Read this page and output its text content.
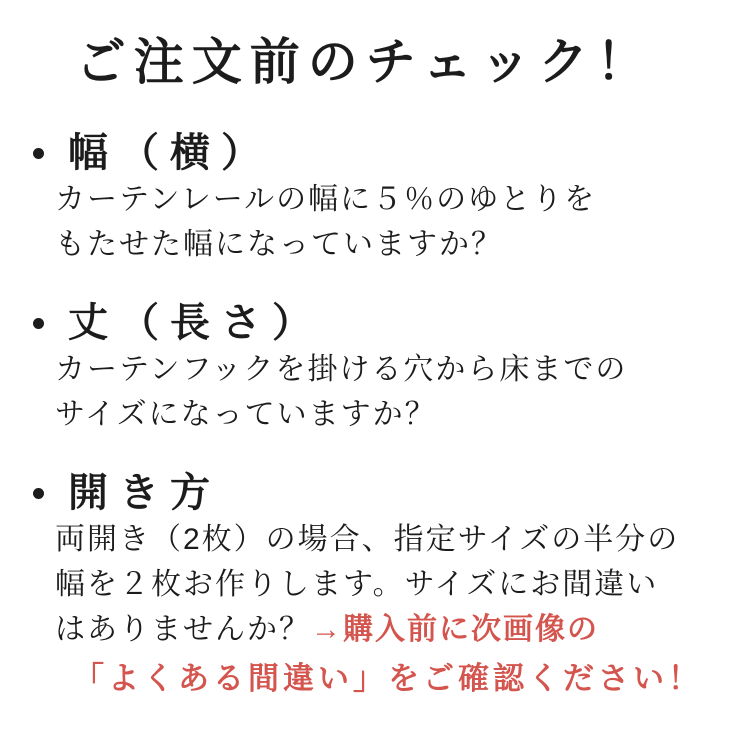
ご注文前のチェック！
幅（横）

カーテンレールの幅に５％のゆとりを

もたせた幅になっていますか？

丈（長さ）

カーテンフックを掛ける穴から床までの

サイズになっていますか？

開き方

両開き（2枚）の場合、指定サイズの半分の

幅を２枚お作りします。サイズにお間違い

はありませんか？→購入前に次画像の

「よくある間違い」をご確認ください！
